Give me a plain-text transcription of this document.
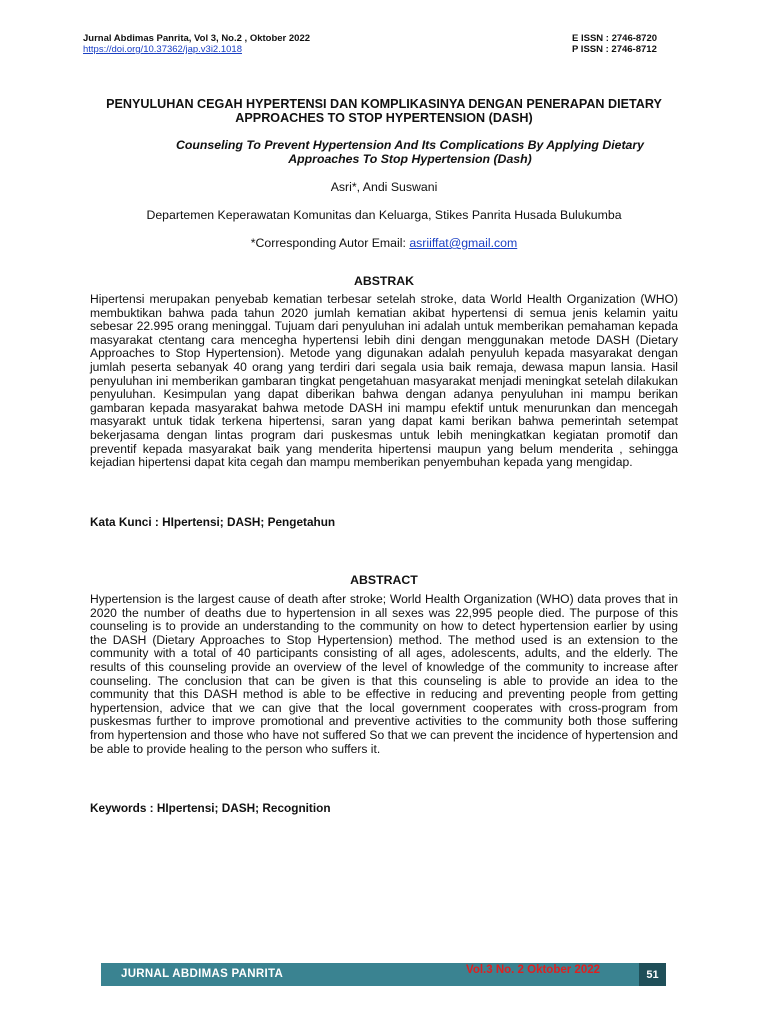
Jurnal Abdimas Panrita, Vol 3, No.2 , Oktober 2022
https://doi.org/10.37362/jap.v3i2.1018
E ISSN : 2746-8720
P ISSN : 2746-8712
PENYULUHAN CEGAH HYPERTENSI DAN KOMPLIKASINYA DENGAN PENERAPAN DIETARY APPROACHES TO STOP HYPERTENSION (DASH)
Counseling To Prevent Hypertension And Its Complications By Applying Dietary Approaches To Stop Hypertension (Dash)
Asri*, Andi Suswani
Departemen Keperawatan Komunitas dan Keluarga, Stikes Panrita Husada Bulukumba
*Corresponding Autor Email: asriiffat@gmail.com
ABSTRAK

Hipertensi merupakan penyebab kematian terbesar setelah stroke, data World Health Organization (WHO) membuktikan bahwa pada tahun 2020 jumlah kematian akibat hypertensi di semua jenis kelamin yaitu sebesar 22.995 orang meninggal. Tujuam dari penyuluhan ini adalah untuk memberikan pemahaman kepada masyarakat ctentang cara mencegha hypertensi lebih dini dengan menggunakan metode DASH (Dietary Approaches to Stop Hypertension). Metode yang digunakan adalah penyuluh kepada masyarakat dengan jumlah peserta sebanyak 40 orang yang terdiri dari segala usia baik remaja, dewasa mapun lansia. Hasil penyuluhan ini memberikan gambaran tingkat pengetahuan masyarakat menjadi meningkat setelah dilakukan penyuluhan. Kesimpulan yang dapat diberikan bahwa dengan adanya penyuluhan ini mampu berikan gambaran kepada masyarakat bahwa metode DASH ini mampu efektif untuk menurunkan dan mencegah masyarakt untuk tidak terkena hipertensi, saran yang dapat kami berikan bahwa pemerintah setempat bekerjasama dengan lintas program dari puskesmas untuk lebih meningkatkan kegiatan promotif dan preventif kepada masyarakat baik yang menderita hipertensi maupun yang belum menderita , sehingga kejadian hipertensi dapat kita cegah dan mampu memberikan penyembuhan kepada yang mengidap.

Kata Kunci : HIpertensi; DASH; Pengetahun
ABSTRACT

Hypertension is the largest cause of death after stroke; World Health Organization (WHO) data proves that in 2020 the number of deaths due to hypertension in all sexes was 22,995 people died. The purpose of this counseling is to provide an understanding to the community on how to detect hypertension earlier by using the DASH (Dietary Approaches to Stop Hypertension) method. The method used is an extension to the community with a total of 40 participants consisting of all ages, adolescents, adults, and the elderly. The results of this counseling provide an overview of the level of knowledge of the community to increase after counseling. The conclusion that can be given is that this counseling is able to provide an idea to the community that this DASH method is able to be effective in reducing and preventing people from getting hypertension, advice that we can give that the local government cooperates with cross-program from puskesmas further to improve promotional and preventive activities to the community both those suffering from hypertension and those who have not suffered So that we can prevent the incidence of hypertension and be able to provide healing to the person who suffers it.

Keywords : HIpertensi; DASH; Recognition
JURNAL ABDIMAS PANRITA	Vol.3 No. 2 Oktober 2022	51
